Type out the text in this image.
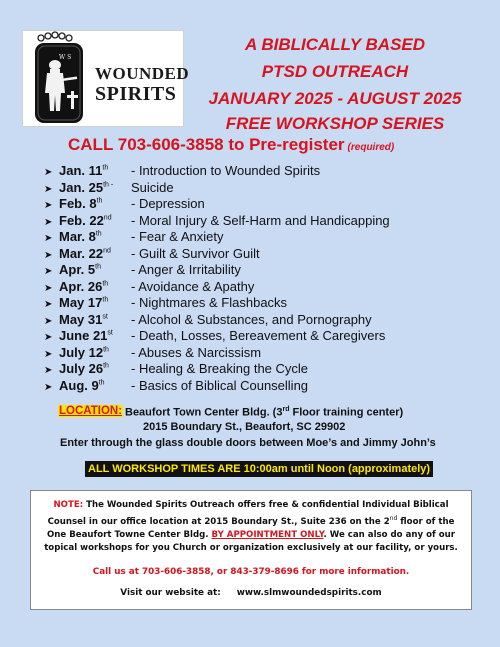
W S
WOUNDED
SPIRITS
A BIBLICALLY BASED
PTSD OUTREACH
JANUARY 2025 - AUGUST 2025
FREE WORKSHOP SERIES
CALL 703-606-3858 to Pre-register (required)
➤ Jan. 11th	- Introduction to Wounded Spirits
➤ Jan. $25^{th -}$	Suicide
➤ Feb. 8th	- Depression
➤ Feb. 22nd	- Moral Injury & Self-Harm and Handicapping
➤ Mar. 8th	- Fear & Anxiety
➤ Mar. 22nd	- Guilt & Survivor Guilt
➤ Apr. 5th	- Anger & Irritability
➤ Apr. 26th	- Avoidance & Apathy
➤ May 17th	- Nightmares & Flashbacks
➤ May 31st	- Alcohol & Substances, and Pornography
➤ June 21st	- Death, Losses, Bereavement & Caregivers
➤ July 12th	- Abuses & Narcissism
➤ July 26th	- Healing & Breaking the Cycle
➤ Aug. 9th	- Basics of Biblical Counselling
LOCATION: Beaufort Town Center Bldg. (3rd Floor training center)
2015 Boundary St., Beaufort, SC 29902
Enter through the glass double doors between Moe’s and Jimmy John’s
ALL WORKSHOP TIMES ARE 10:00am until Noon (approximately)
NOTE: The Wounded Spirits Outreach offers free & confidential Individual Biblical Counsel in our office location at 2015 Boundary St., Suite 236 on the 2nd floor of the One Beaufort Towne Center Bldg. BY APPOINTMENT ONLY. We can also do any of our topical workshops for you Church or organization exclusively at our facility, or yours.
Call us at 703-606-3858, or 843-379-8696 for more information.
Visit our website at: www.slmwoundedspirits.com
